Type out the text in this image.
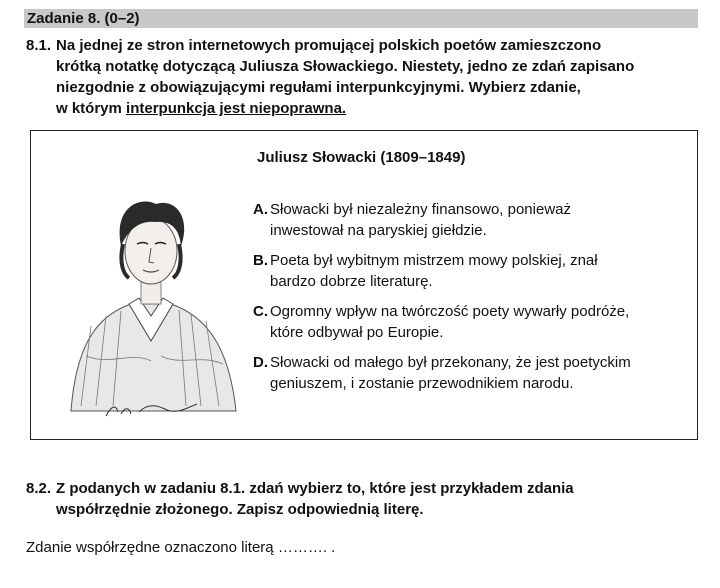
Zadanie 8. (0–2)
8.1. Na jednej ze stron internetowych promującej polskich poetów zamieszczono
krótką notatkę dotyczącą Juliusza Słowackiego. Niestety, jedno ze zdań zapisano
niezgodnie z obowiązującymi regułami interpunkcyjnymi. Wybierz zdanie,
w którym interpunkcja jest niepoprawna.
Juliusz Słowacki (1809–1849)
A. Słowacki był niezależny finansowo, ponieważ
inwestował na paryskiej giełdzie.
B. Poeta był wybitnym mistrzem mowy polskiej, znał
bardzo dobrze literaturę.
C. Ogromny wpływ na twórczość poety wywarły podróże,
które odbywał po Europie.
D. Słowacki od małego był przekonany, że jest poetyckim
geniuszem, i zostanie przewodnikiem narodu.
8.2. Z podanych w zadaniu 8.1. zdań wybierz to, które jest przykładem zdania
współrzędnie złożonego. Zapisz odpowiednią literę.
Zdanie współrzędne oznaczono literą ………. .
